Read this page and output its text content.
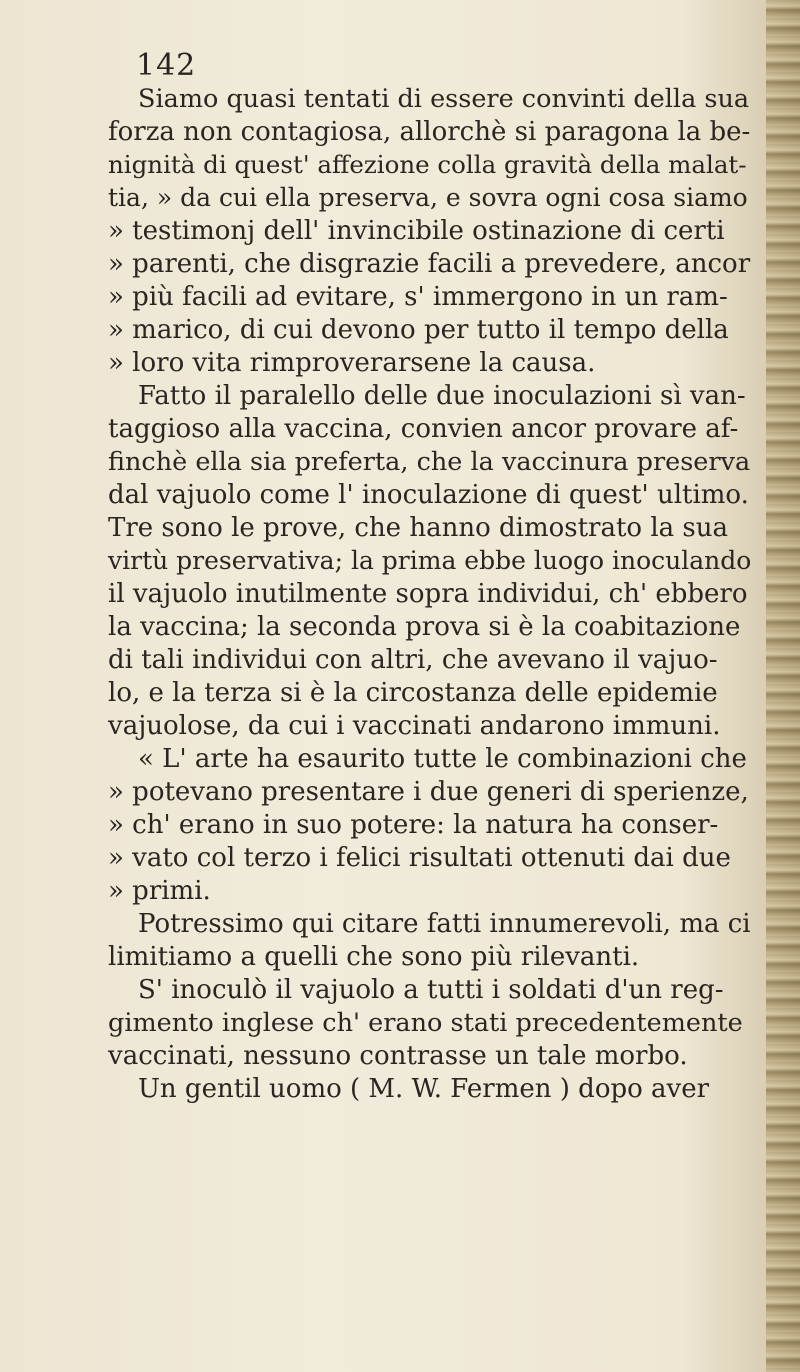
142
Siamo quasi tentati di essere convinti della sua
forza non contagiosa, allorchè si paragona la be-
nignità di quest' affezione colla gravità della malat-
tia, » da cui ella preserva, e sovra ogni cosa siamo
» testimonj dell' invincibile ostinazione di certi
» parenti, che disgrazie facili a prevedere, ancor
» più facili ad evitare, s' immergono in un ram-
» marico, di cui devono per tutto il tempo della
» loro vita rimproverarsene la causa.
Fatto il paralello delle due inoculazioni sì van-
taggioso alla vaccina, convien ancor provare af-
finchè ella sia preferta, che la vaccinura preserva
dal vajuolo come l' inoculazione di quest' ultimo.
Tre sono le prove, che hanno dimostrato la sua
virtù preservativa; la prima ebbe luogo inoculando
il vajuolo inutilmente sopra individui, ch' ebbero
la vaccina; la seconda prova si è la coabitazione
di tali individui con altri, che avevano il vajuo-
lo, e la terza si è la circostanza delle epidemie
vajuolose, da cui i vaccinati andarono immuni.
« L' arte ha esaurito tutte le combinazioni che
» potevano presentare i due generi di sperienze,
» ch' erano in suo potere: la natura ha conser-
» vato col terzo i felici risultati ottenuti dai due
» primi.
Potressimo qui citare fatti innumerevoli, ma ci
limitiamo a quelli che sono più rilevanti.
S' inoculò il vajuolo a tutti i soldati d'un reg-
gimento inglese ch' erano stati precedentemente
vaccinati, nessuno contrasse un tale morbo.
Un gentil uomo ( M. W. Fermen ) dopo aver
